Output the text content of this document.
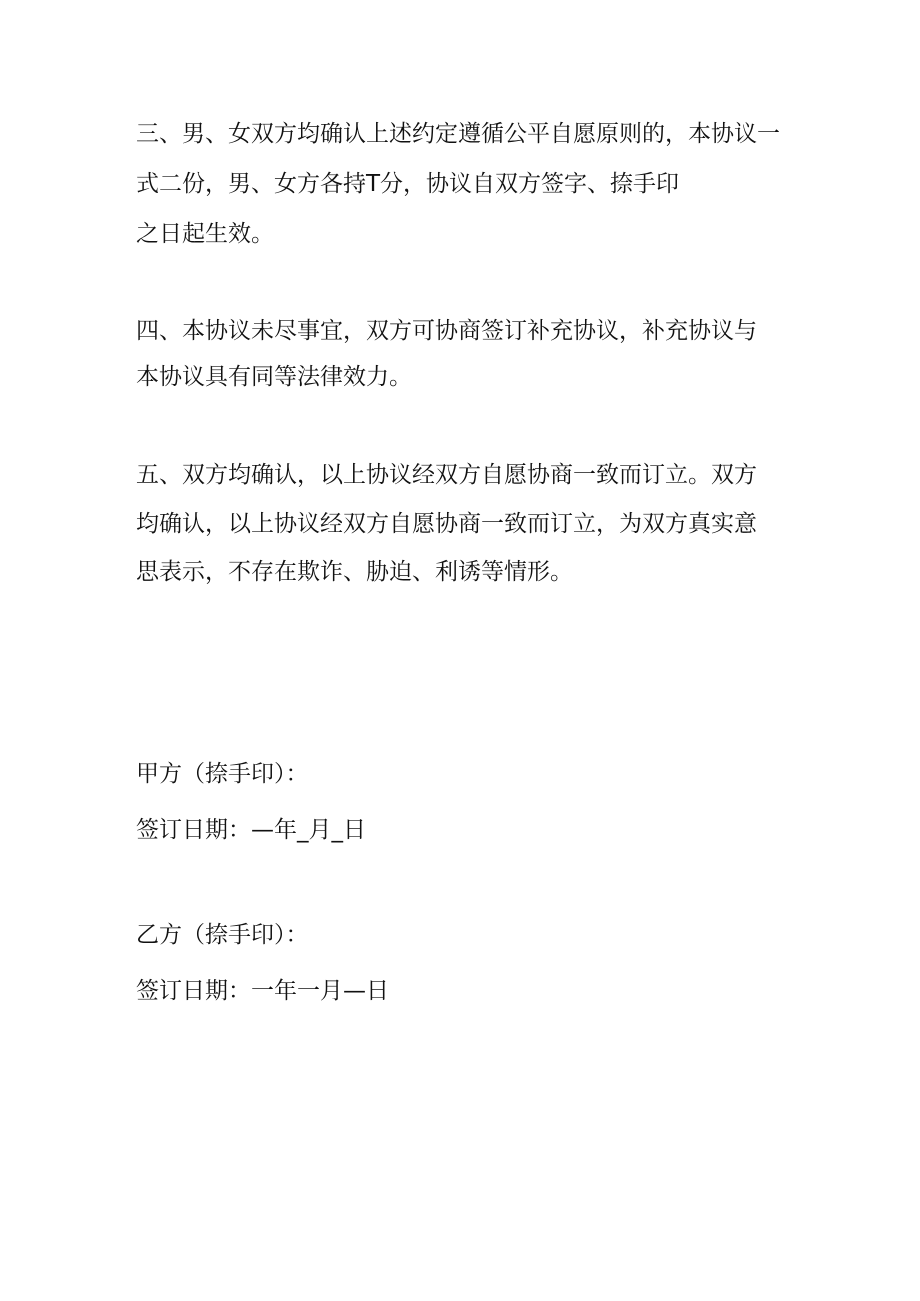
三、男、女双方均确认上述约定遵循公平自愿原则的，本协议一
式二份，男、女方各持T分，协议自双方签字、捺手印
之日起生效。
四、本协议未尽事宜，双方可协商签订补充协议，补充协议与
本协议具有同等法律效力。
五、双方均确认，以上协议经双方自愿协商一致而订立。双方
均确认，以上协议经双方自愿协商一致而订立，为双方真实意
思表示，不存在欺诈、胁迫、利诱等情形。
甲方（捺手印）：
签订日期：—年_月_日
乙方（捺手印）：
签订日期：一年一月—日
